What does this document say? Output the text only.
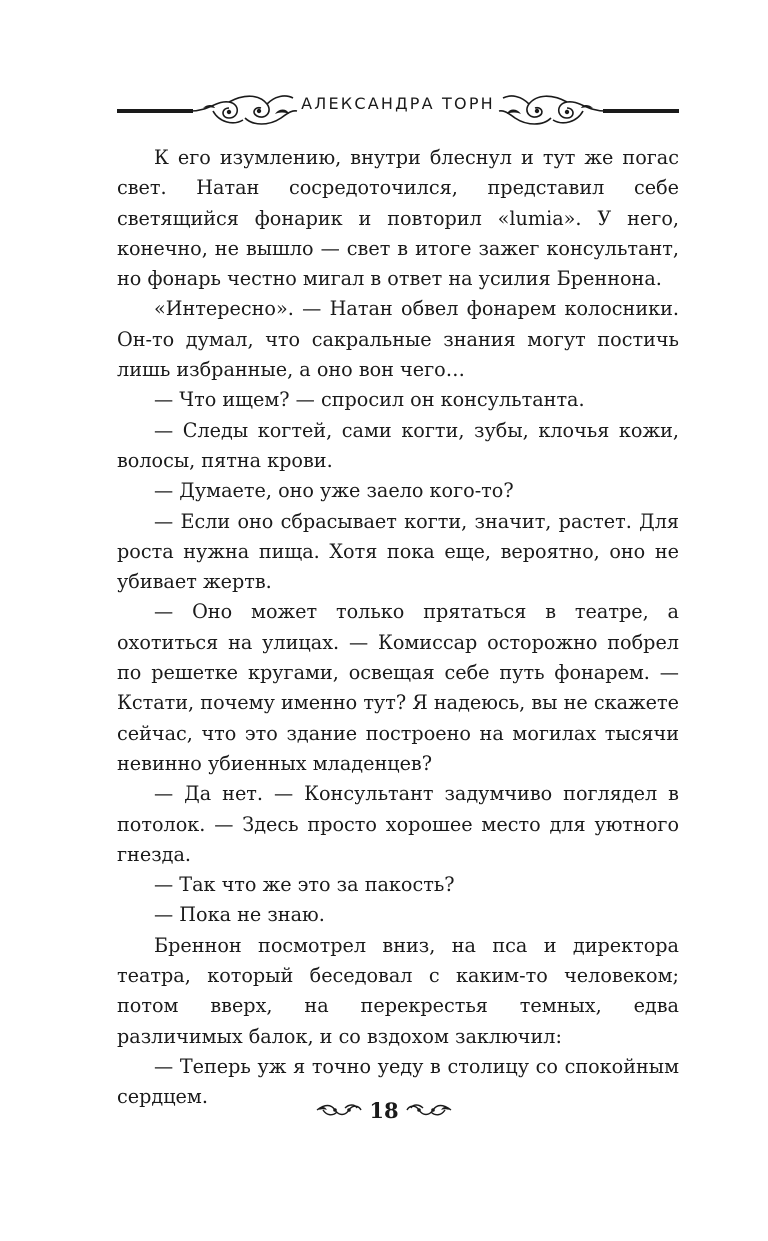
АЛЕКСАНДРА ТОРН

К его изумлению, внутри блеснул и тут же погас свет. Натан сосредоточился, представил себе светящийся фонарик и повторил «lumia». У него, конечно, не вышло — свет в итоге зажег консультант, но фонарь честно мигал в ответ на усилия Бреннона.

«Интересно». — Натан обвел фонарем колосники. Он-то думал, что сакральные знания могут постичь лишь избранные, а оно вон чего…

— Что ищем? — спросил он консультанта.

— Следы когтей, сами когти, зубы, клочья кожи, волосы, пятна крови.

— Думаете, оно уже заело кого-то?

— Если оно сбрасывает когти, значит, растет. Для роста нужна пища. Хотя пока еще, вероятно, оно не убивает жертв.

— Оно может только прятаться в театре, а охотиться на улицах. — Комиссар осторожно побрел по решетке кругами, освещая себе путь фонарем. — Кстати, почему именно тут? Я надеюсь, вы не скажете сейчас, что это здание построено на могилах тысячи невинно убиенных младенцев?

— Да нет. — Консультант задумчиво поглядел в потолок. — Здесь просто хорошее место для уютного гнезда.

— Так что же это за пакость?

— Пока не знаю.

Бреннон посмотрел вниз, на пса и директора театра, который беседовал с каким-то человеком; потом вверх, на перекрестья темных, едва различимых балок, и со вздохом заключил:

— Теперь уж я точно уеду в столицу со спокойным сердцем.

18
